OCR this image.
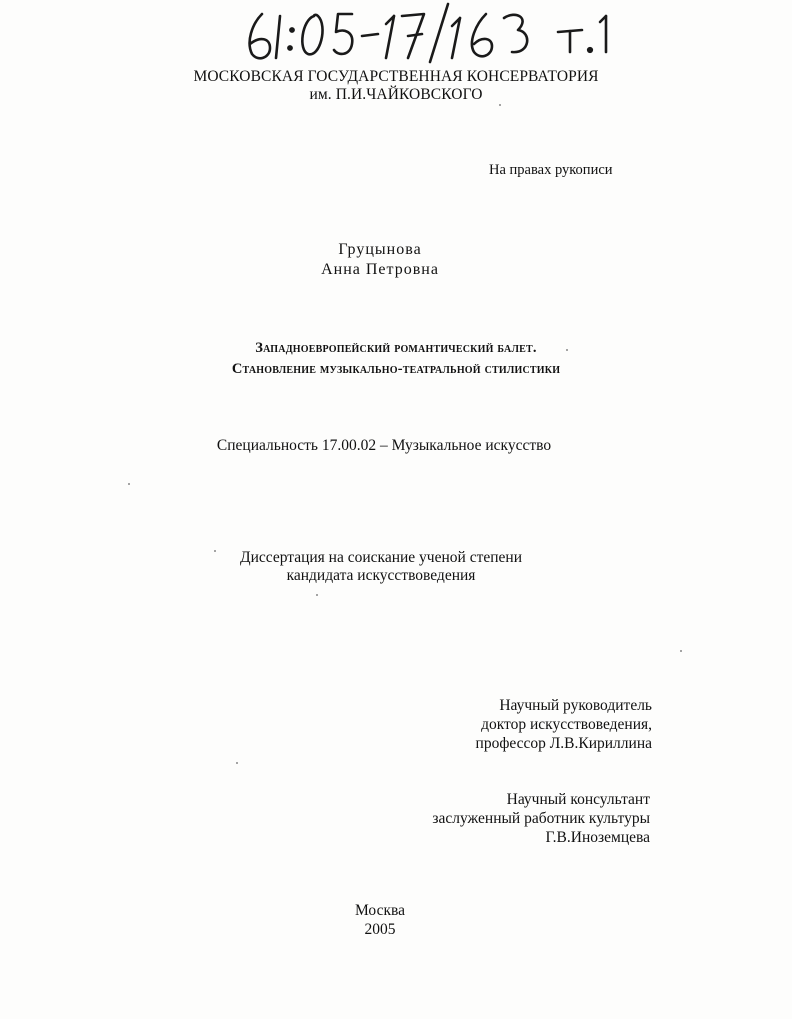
61:05-17/163
МОСКОВСКАЯ ГОСУДАРСТВЕННАЯ КОНСЕРВАТОРИЯ
им. П.И.ЧАЙКОВСКОГО
На правах рукописи
Груцынова
Анна Петровна
Западноевропейский романтический балет.
Становление музыкально-театральной стилистики
Специальность 17.00.02 – Музыкальное искусство
Диссертация на соискание ученой степени
кандидата искусствоведения
Научный руководитель
доктор искусствоведения,
профессор Л.В.Кириллина
Научный консультант
заслуженный работник культуры
Г.В.Иноземцева
Москва
2005
